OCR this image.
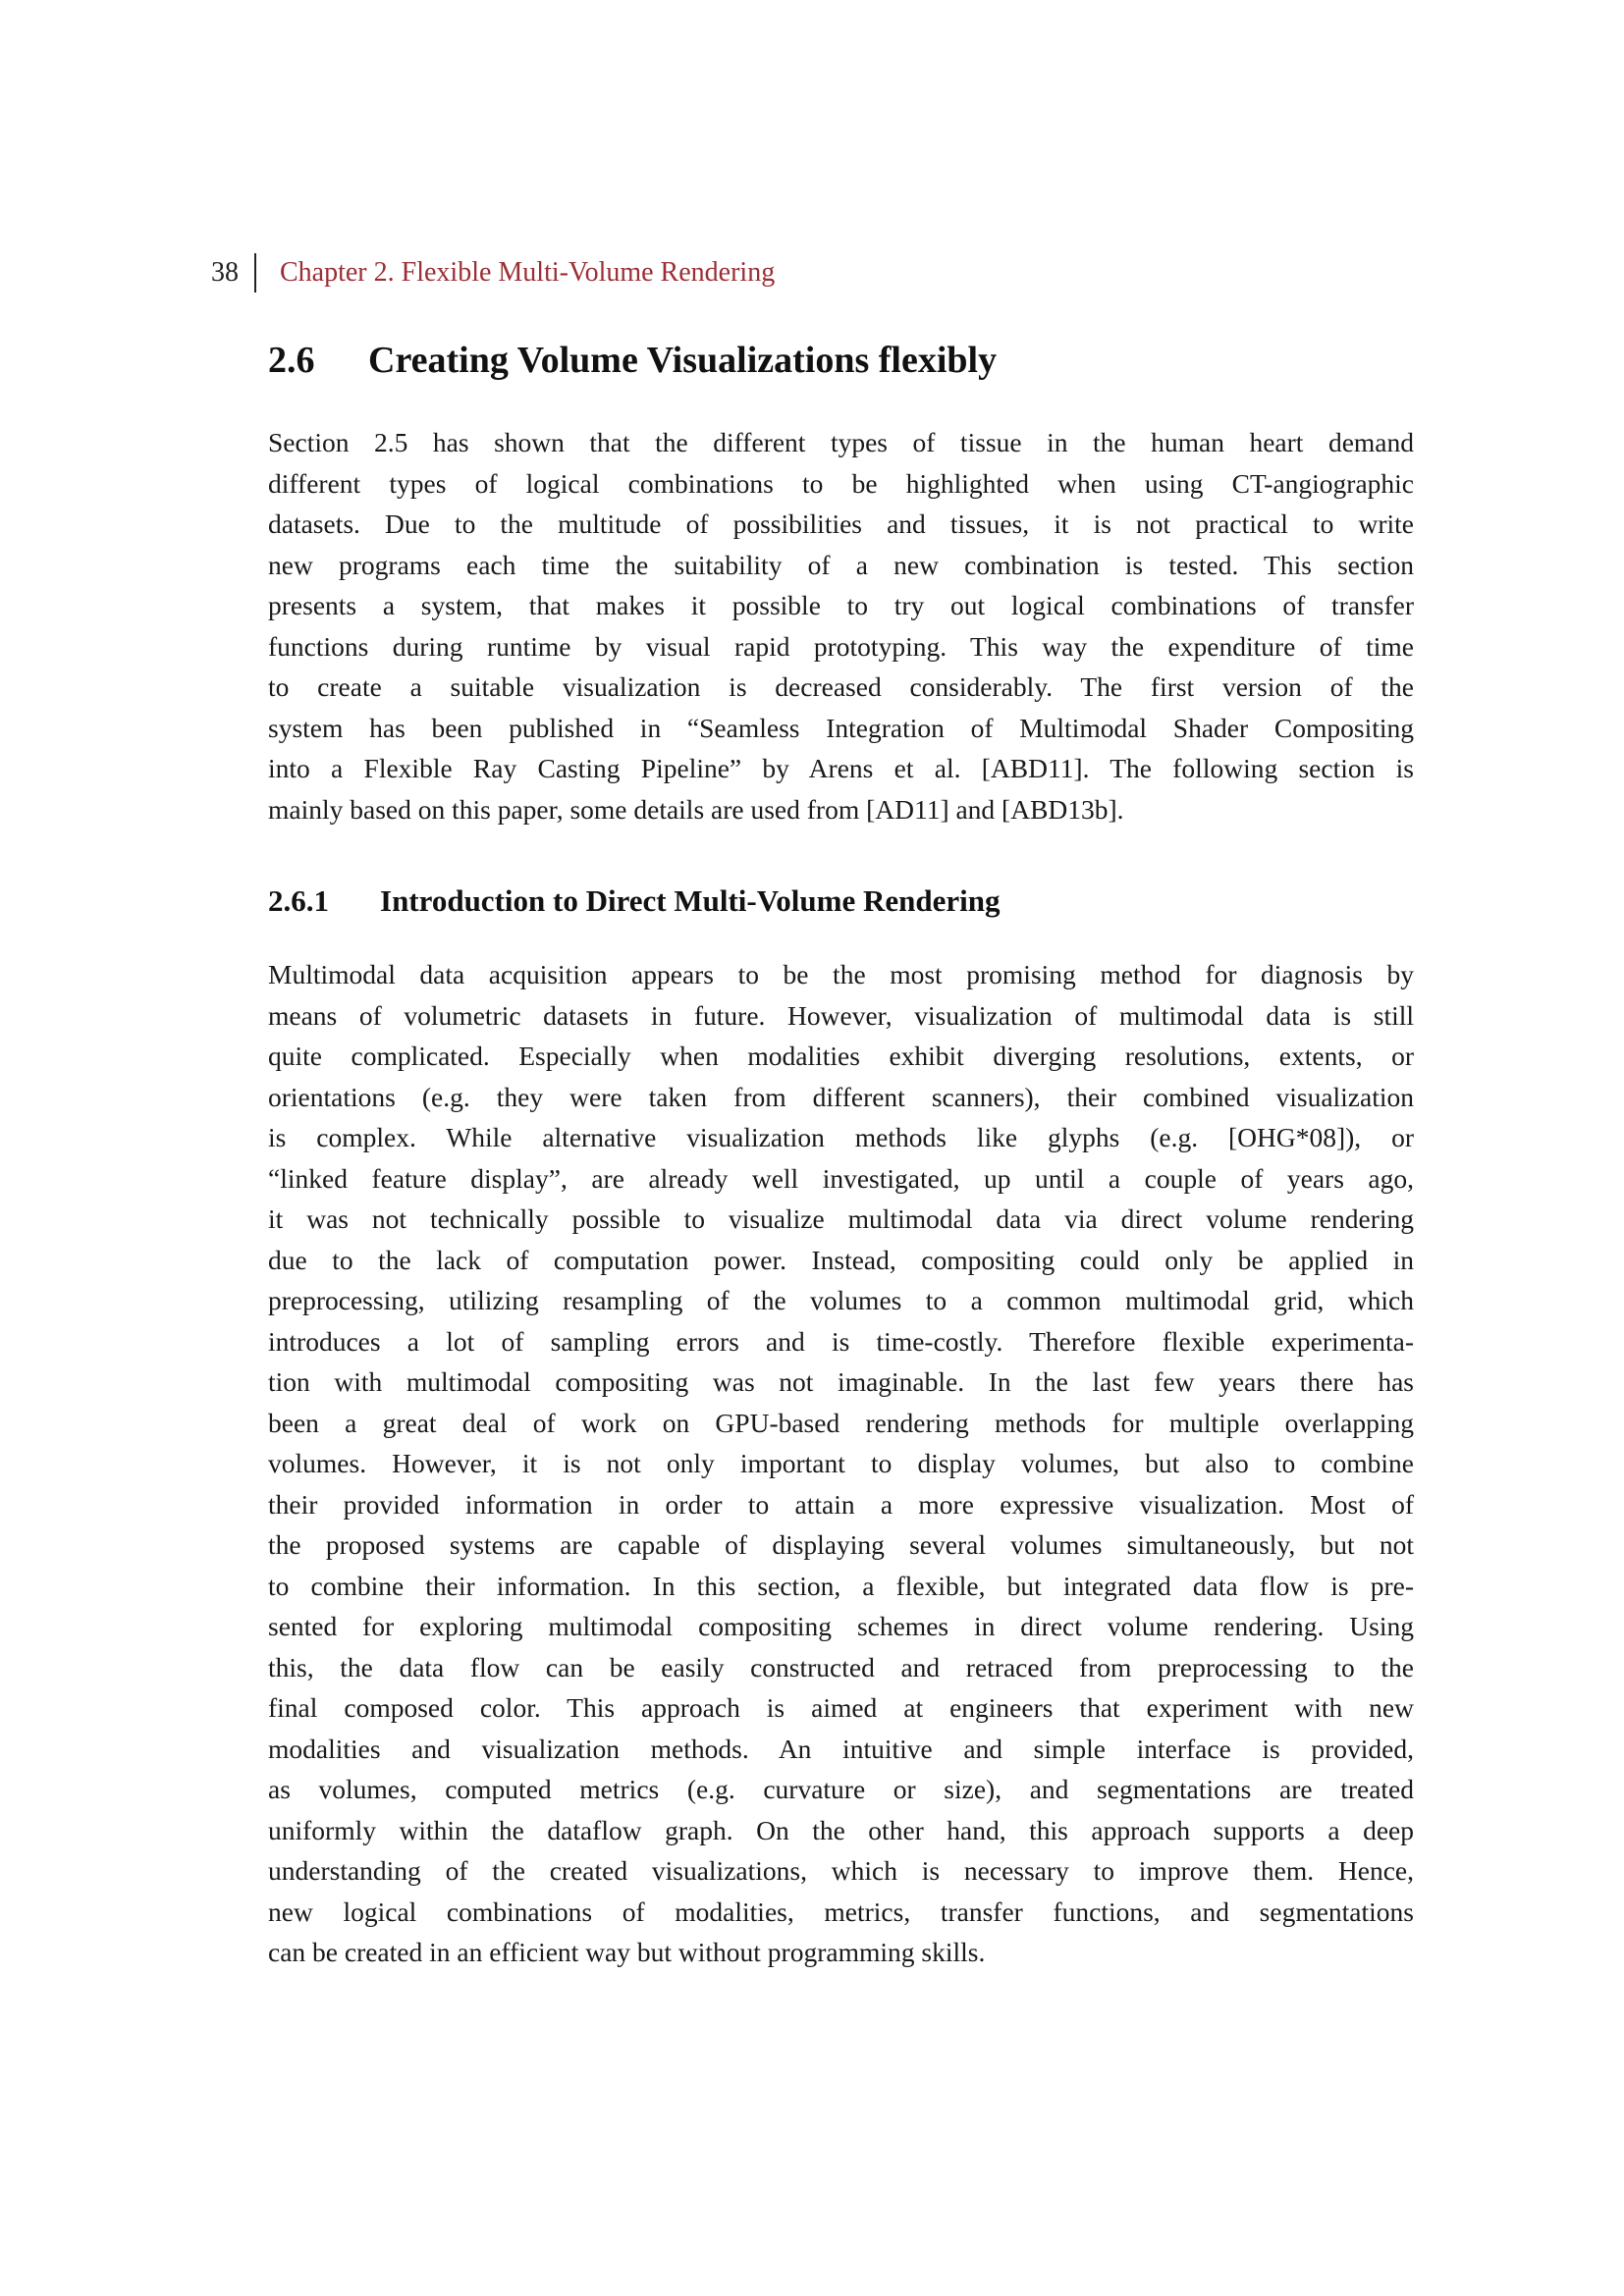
38 Chapter 2. Flexible Multi-Volume Rendering
2.6 Creating Volume Visualizations flexibly
Section 2.5 has shown that the different types of tissue in the human heart demand
different types of logical combinations to be highlighted when using CT-angiographic
datasets. Due to the multitude of possibilities and tissues, it is not practical to write
new programs each time the suitability of a new combination is tested. This section
presents a system, that makes it possible to try out logical combinations of transfer
functions during runtime by visual rapid prototyping. This way the expenditure of time
to create a suitable visualization is decreased considerably. The first version of the
system has been published in “Seamless Integration of Multimodal Shader Compositing
into a Flexible Ray Casting Pipeline” by Arens et al. [ABD11]. The following section is
mainly based on this paper, some details are used from [AD11] and [ABD13b].
2.6.1 Introduction to Direct Multi-Volume Rendering
Multimodal data acquisition appears to be the most promising method for diagnosis by
means of volumetric datasets in future. However, visualization of multimodal data is still
quite complicated. Especially when modalities exhibit diverging resolutions, extents, or
orientations (e.g. they were taken from different scanners), their combined visualization
is complex. While alternative visualization methods like glyphs (e.g. [OHG*08]), or
“linked feature display”, are already well investigated, up until a couple of years ago,
it was not technically possible to visualize multimodal data via direct volume rendering
due to the lack of computation power. Instead, compositing could only be applied in
preprocessing, utilizing resampling of the volumes to a common multimodal grid, which
introduces a lot of sampling errors and is time-costly. Therefore flexible experimenta-
tion with multimodal compositing was not imaginable. In the last few years there has
been a great deal of work on GPU-based rendering methods for multiple overlapping
volumes. However, it is not only important to display volumes, but also to combine
their provided information in order to attain a more expressive visualization. Most of
the proposed systems are capable of displaying several volumes simultaneously, but not
to combine their information. In this section, a flexible, but integrated data flow is pre-
sented for exploring multimodal compositing schemes in direct volume rendering. Using
this, the data flow can be easily constructed and retraced from preprocessing to the
final composed color. This approach is aimed at engineers that experiment with new
modalities and visualization methods. An intuitive and simple interface is provided,
as volumes, computed metrics (e.g. curvature or size), and segmentations are treated
uniformly within the dataflow graph. On the other hand, this approach supports a deep
understanding of the created visualizations, which is necessary to improve them. Hence,
new logical combinations of modalities, metrics, transfer functions, and segmentations
can be created in an efficient way but without programming skills.
